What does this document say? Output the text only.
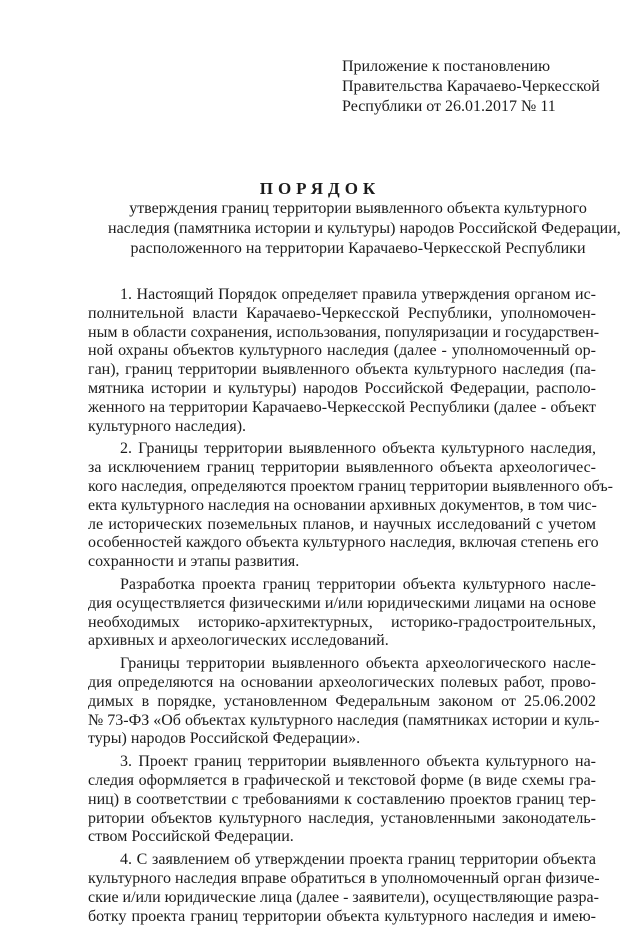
Приложение к постановлению
Правительства Карачаево-Черкесской
Республики от 26.01.2017 № 11
ПОРЯДОК
утверждения границ территории выявленного объекта культурного
наследия (памятника истории и культуры) народов Российской Федерации,
расположенного на территории Карачаево-Черкесской Республики
1. Настоящий Порядок определяет правила утверждения органом ис-
полнительной власти Карачаево-Черкесской Республики, уполномочен-
ным в области сохранения, использования, популяризации и государствен-
ной охраны объектов культурного наследия (далее - уполномоченный ор-
ган), границ территории выявленного объекта культурного наследия (па-
мятника истории и культуры) народов Российской Федерации, располо-
женного на территории Карачаево-Черкесской Республики (далее - объект
культурного наследия).
2. Границы территории выявленного объекта культурного наследия,
за исключением границ территории выявленного объекта археологичес-
кого наследия, определяются проектом границ территории выявленного объ-
екта культурного наследия на основании архивных документов, в том чис-
ле исторических поземельных планов, и научных исследований с учетом
особенностей каждого объекта культурного наследия, включая степень его
сохранности и этапы развития.
Разработка проекта границ территории объекта культурного насле-
дия осуществляется физическими и/или юридическими лицами на основе
необходимых историко-архитектурных, историко-градостроительных,
архивных и археологических исследований.
Границы территории выявленного объекта археологического насле-
дия определяются на основании археологических полевых работ, прово-
димых в порядке, установленном Федеральным законом от 25.06.2002
№ 73-ФЗ «Об объектах культурного наследия (памятниках истории и куль-
туры) народов Российской Федерации».
3. Проект границ территории выявленного объекта культурного на-
следия оформляется в графической и текстовой форме (в виде схемы гра-
ниц) в соответствии с требованиями к составлению проектов границ тер-
ритории объектов культурного наследия, установленными законодатель-
ством Российской Федерации.
4. С заявлением об утверждении проекта границ территории объекта
культурного наследия вправе обратиться в уполномоченный орган физиче-
ские и/или юридические лица (далее - заявители), осуществляющие разра-
ботку проекта границ территории объекта культурного наследия и имею-
